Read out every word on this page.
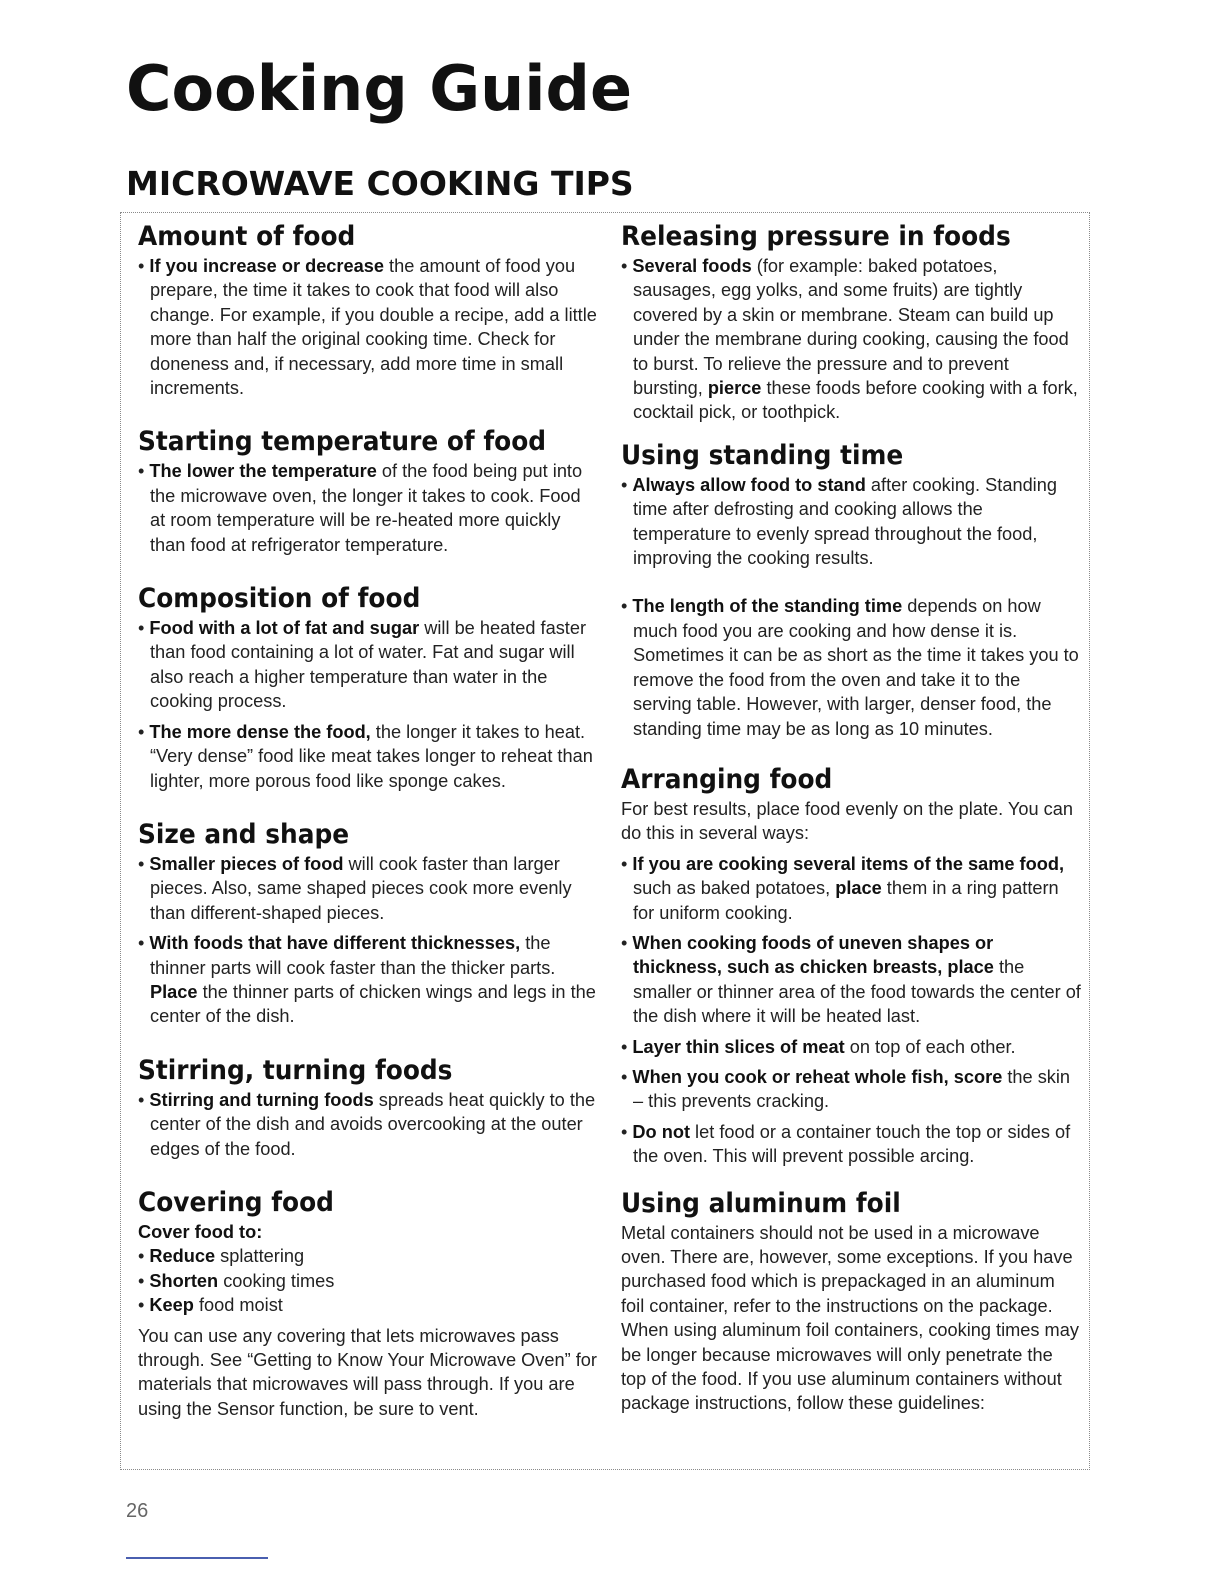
Cooking Guide
MICROWAVE COOKING TIPS
Amount of food
• If you increase or decrease the amount of food you prepare, the time it takes to cook that food will also change. For example, if you double a recipe, add a little more than half the original cooking time. Check for doneness and, if necessary, add more time in small increments.
Starting temperature of food
• The lower the temperature of the food being put into the microwave oven, the longer it takes to cook. Food at room temperature will be re-heated more quickly than food at refrigerator temperature.
Composition of food
• Food with a lot of fat and sugar will be heated faster than food containing a lot of water. Fat and sugar will also reach a higher temperature than water in the cooking process.
• The more dense the food, the longer it takes to heat. “Very dense” food like meat takes longer to reheat than lighter, more porous food like sponge cakes.
Size and shape
• Smaller pieces of food will cook faster than larger pieces. Also, same shaped pieces cook more evenly than different-shaped pieces.
• With foods that have different thicknesses, the thinner parts will cook faster than the thicker parts. Place the thinner parts of chicken wings and legs in the center of the dish.
Stirring, turning foods
• Stirring and turning foods spreads heat quickly to the center of the dish and avoids overcooking at the outer edges of the food.
Covering food

Cover food to:

• Reduce splattering
• Shorten cooking times
• Keep food moist

You can use any covering that lets microwaves pass through. See “Getting to Know Your Microwave Oven” for materials that microwaves will pass through. If you are using the Sensor function, be sure to vent.

Releasing pressure in foods
• Several foods (for example: baked potatoes, sausages, egg yolks, and some fruits) are tightly covered by a skin or membrane. Steam can build up under the membrane during cooking, causing the food to burst. To relieve the pressure and to prevent bursting, pierce these foods before cooking with a fork, cocktail pick, or toothpick.
Using standing time
• Always allow food to stand after cooking. Standing time after defrosting and cooking allows the temperature to evenly spread throughout the food, improving the cooking results.
• The length of the standing time depends on how much food you are cooking and how dense it is. Sometimes it can be as short as the time it takes you to remove the food from the oven and take it to the serving table. However, with larger, denser food, the standing time may be as long as 10 minutes.
Arranging food

For best results, place food evenly on the plate. You can do this in several ways:

• If you are cooking several items of the same food, such as baked potatoes, place them in a ring pattern for uniform cooking.
• When cooking foods of uneven shapes or thickness, such as chicken breasts, place the smaller or thinner area of the food towards the center of the dish where it will be heated last.
• Layer thin slices of meat on top of each other.
• When you cook or reheat whole fish, score the skin – this prevents cracking.
• Do not let food or a container touch the top or sides of the oven. This will prevent possible arcing.
Using aluminum foil

Metal containers should not be used in a microwave oven. There are, however, some exceptions. If you have purchased food which is prepackaged in an aluminum foil container, refer to the instructions on the package. When using aluminum foil containers, cooking times may be longer because microwaves will only penetrate the top of the food. If you use aluminum containers without package instructions, follow these guidelines:

26
